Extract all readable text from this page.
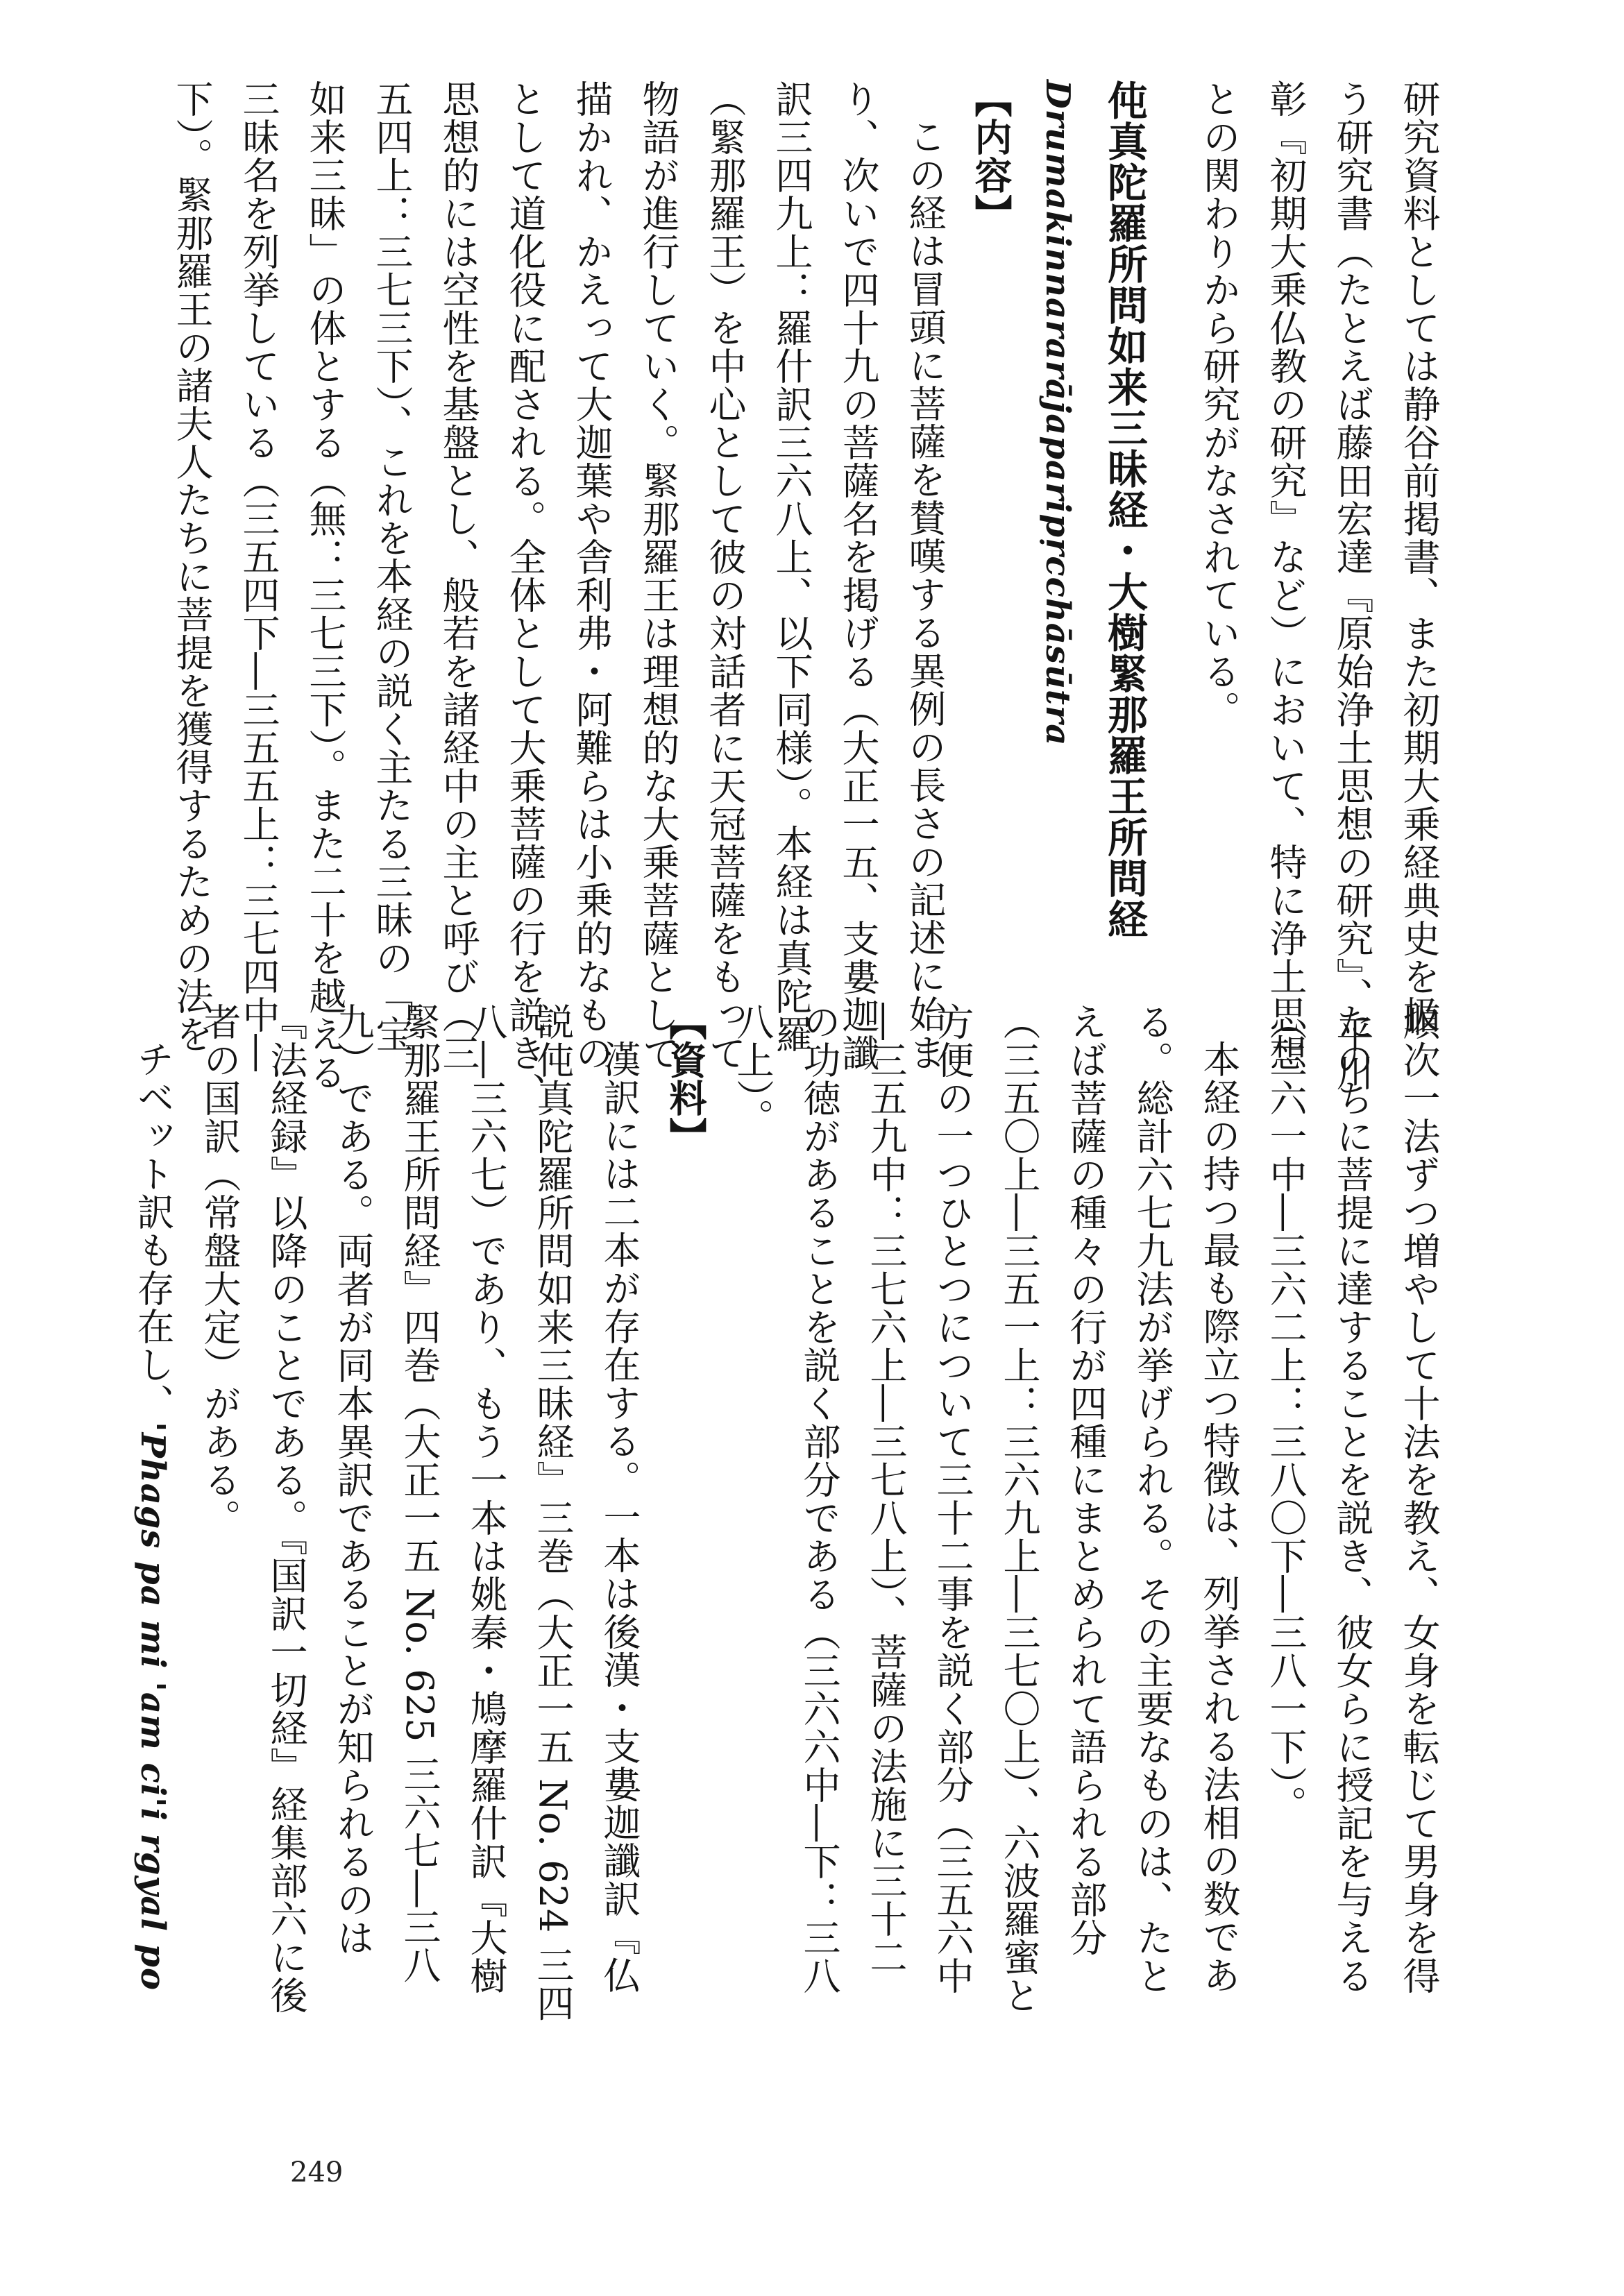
研究資料としては静谷前掲書、また初期大乗経典史を扱
う研究書（たとえば藤田宏達『原始浄土思想の研究』、平川
彰『初期大乗仏教の研究』など）において、特に浄土思想
との関わりから研究がなされている。
伅真陀羅所問如来三昧経・大樹緊那羅王所問経
Drumakinnararājaparipṛcchāsūtra
【内容】
この経は冒頭に菩薩を賛嘆する異例の長さの記述に始ま
り、次いで四十九の菩薩名を掲げる（大正一五、支婁迦讖
訳三四九上：羅什訳三六八上、以下同様）。本経は真陀羅
（緊那羅王）を中心として彼の対話者に天冠菩薩をもって
物語が進行していく。緊那羅王は理想的な大乗菩薩として
描かれ、かえって大迦葉や舎利弗・阿難らは小乗的なもの
として道化役に配される。全体として大乗菩薩の行を説き、
思想的には空性を基盤とし、般若を諸経中の主と呼び（三
五四上：三七三下）、これを本経の説く主たる三昧の「宝
如来三昧」の体とする（無：三七三下）。また二十を越える
三昧名を列挙している（三五四下―三五五上：三七四中―
下）。緊那羅王の諸夫人たちに菩提を獲得するための法を
順次一法ずつ増やして十法を教え、女身を転じて男身を得
たのちに菩提に達することを説き、彼女らに授記を与える
（三六一中―三六二上：三八〇下―三八一下）。
本経の持つ最も際立つ特徴は、列挙される法相の数であ
る。総計六七九法が挙げられる。その主要なものは、たと
えば菩薩の種々の行が四種にまとめられて語られる部分
（三五〇上―三五一上：三六九上―三七〇上）、六波羅蜜と
方便の一つひとつについて三十二事を説く部分（三五六中
―三五九中：三七六上―三七八上）、菩薩の法施に三十二
の功徳があることを説く部分である（三六六中―下：三八
八上）。
【資料】
漢訳には二本が存在する。一本は後漢・支婁迦讖訳『仏
説伅真陀羅所問如来三昧経』三巻（大正一五 No. 624 三四
八―三六七）であり、もう一本は姚秦・鳩摩羅什訳『大樹
緊那羅王所問経』四巻（大正一五 No. 625 三六七―三八
九）である。両者が同本異訳であることが知られるのは
『法経録』以降のことである。『国訳一切経』経集部六に後
者の国訳（常盤大定）がある。
チベット訳も存在し、'Phags pa mi 'am ci'i rgyal po
249
